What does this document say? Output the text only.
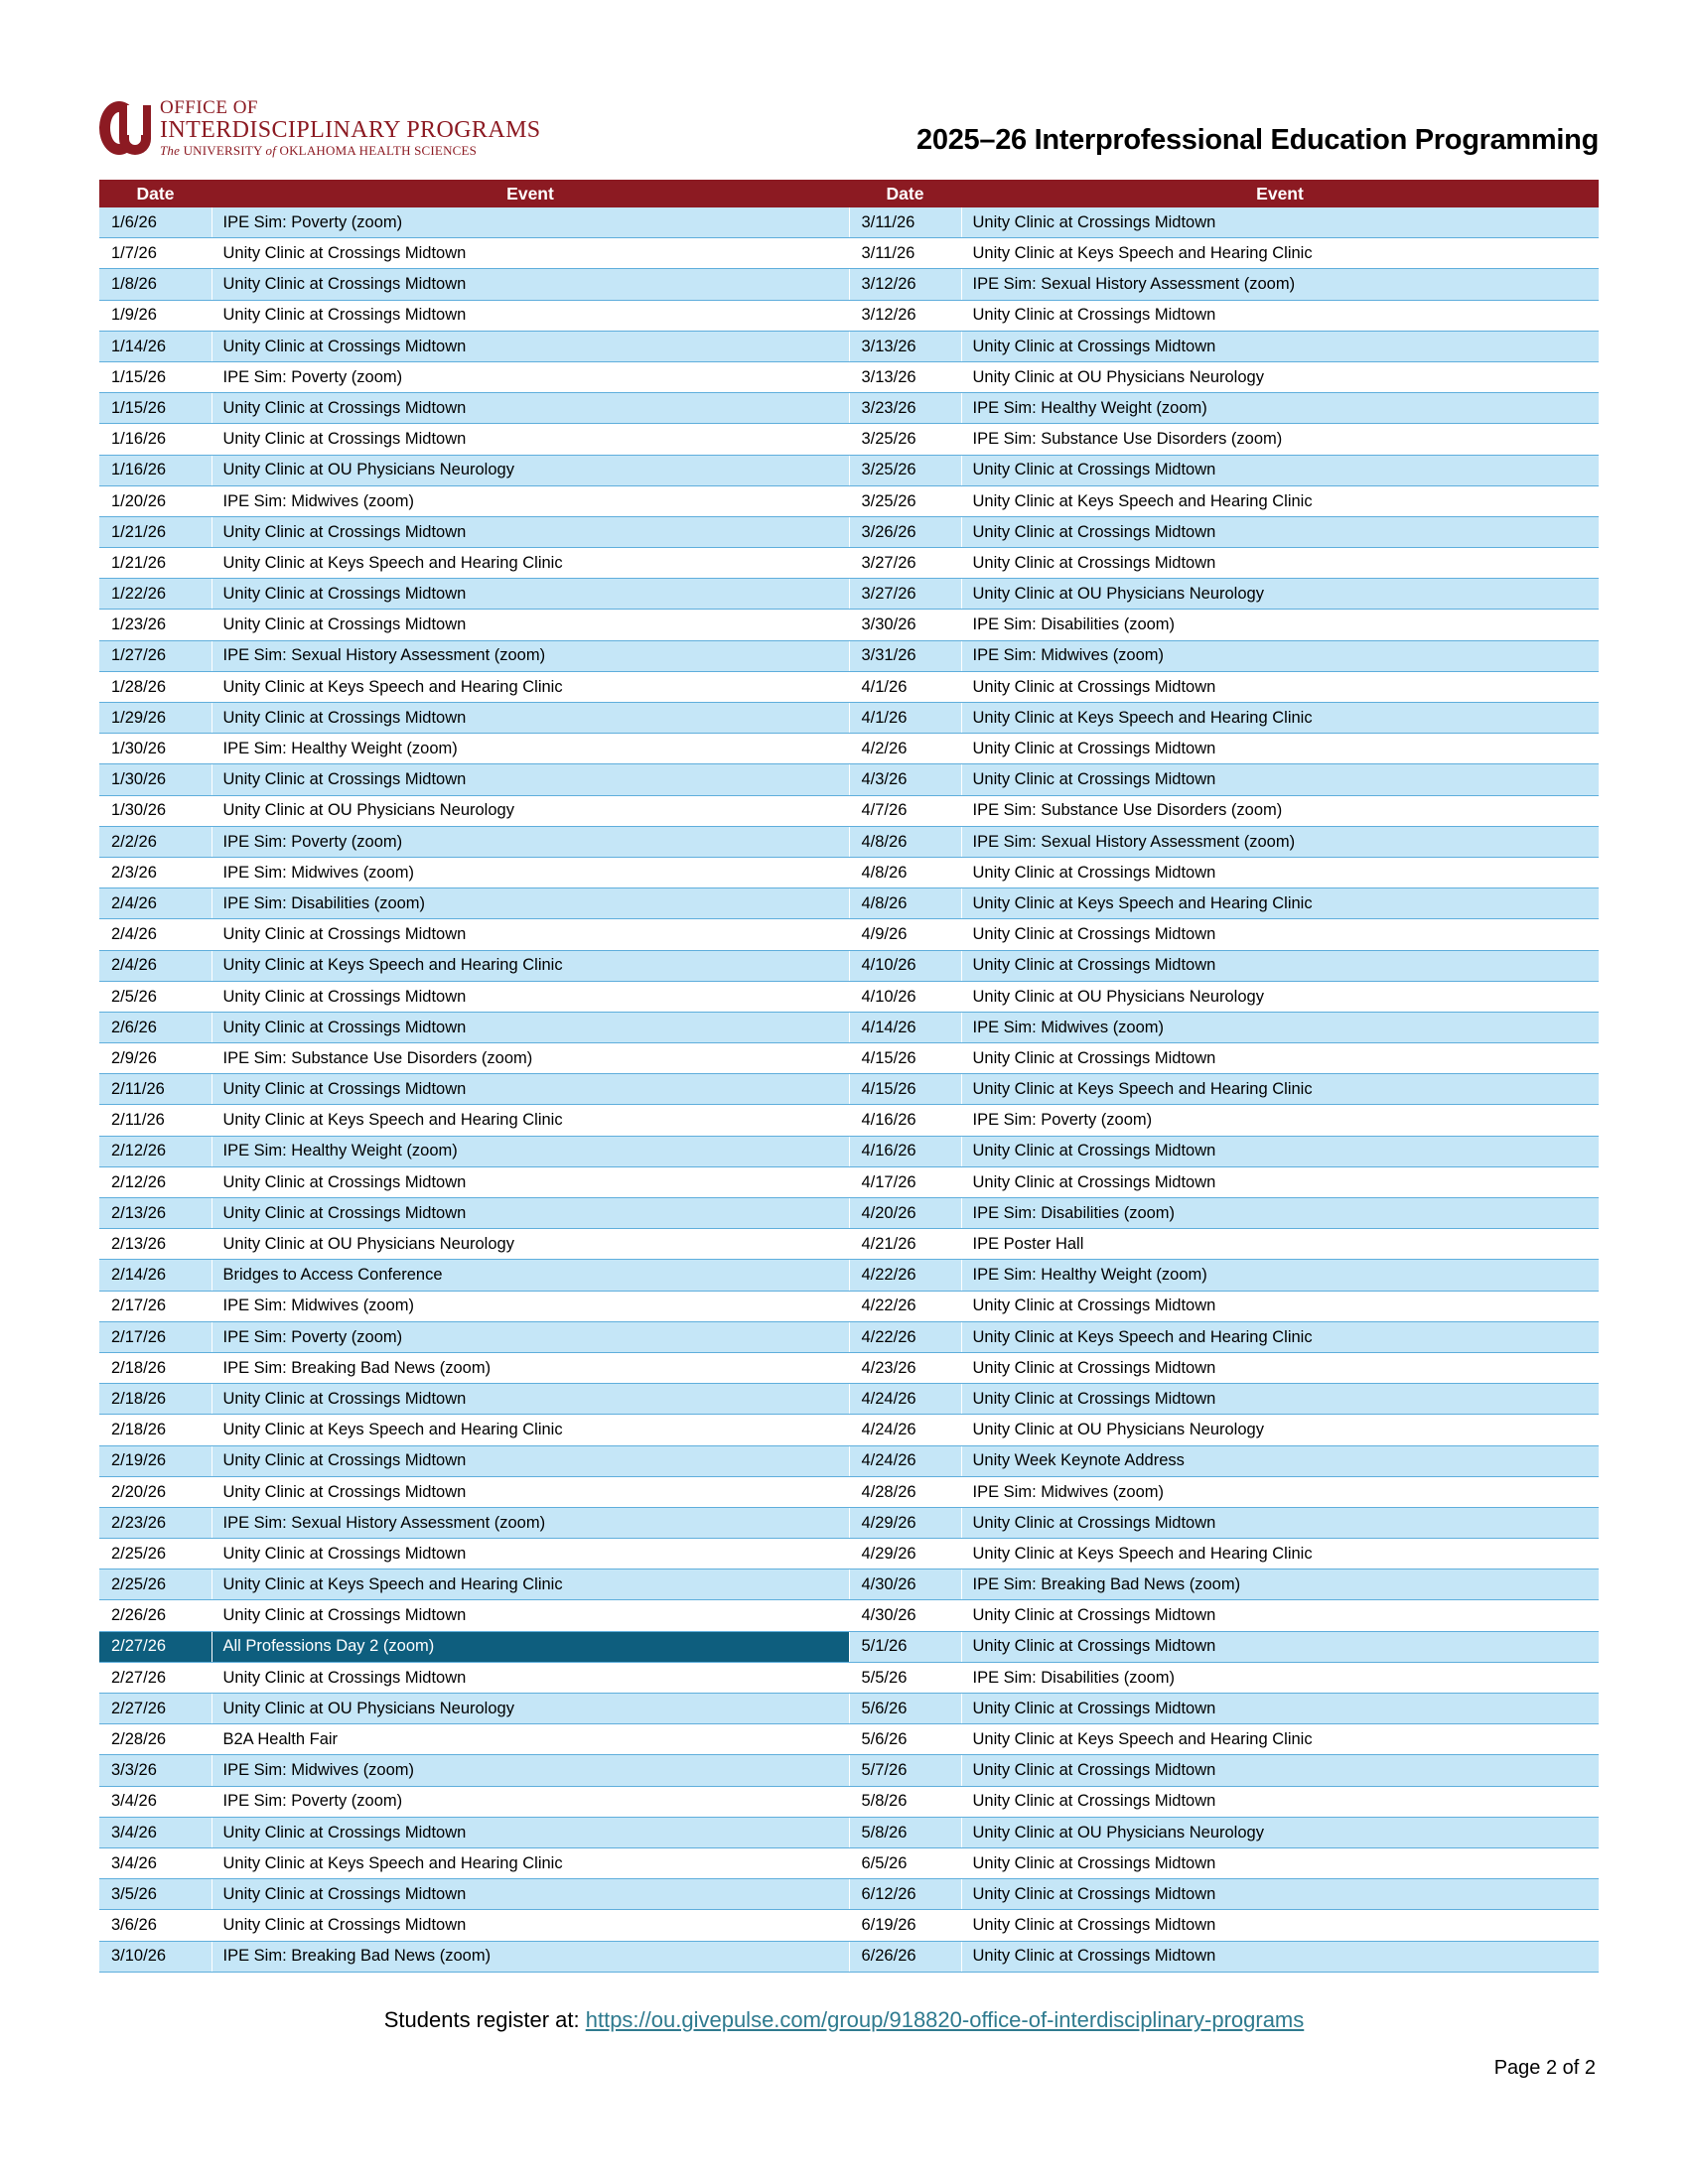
OFFICE OF
INTERDISCIPLINARY PROGRAMS
The UNIVERSITY of OKLAHOMA HEALTH SCIENCES	2025–26 Interprofessional Education Programming
Date	Event	Date	Event
1/6/26	IPE Sim: Poverty (zoom)	3/11/26	Unity Clinic at Crossings Midtown
1/7/26	Unity Clinic at Crossings Midtown	3/11/26	Unity Clinic at Keys Speech and Hearing Clinic
1/8/26	Unity Clinic at Crossings Midtown	3/12/26	IPE Sim: Sexual History Assessment (zoom)
1/9/26	Unity Clinic at Crossings Midtown	3/12/26	Unity Clinic at Crossings Midtown
1/14/26	Unity Clinic at Crossings Midtown	3/13/26	Unity Clinic at Crossings Midtown
1/15/26	IPE Sim: Poverty (zoom)	3/13/26	Unity Clinic at OU Physicians Neurology
1/15/26	Unity Clinic at Crossings Midtown	3/23/26	IPE Sim: Healthy Weight (zoom)
1/16/26	Unity Clinic at Crossings Midtown	3/25/26	IPE Sim: Substance Use Disorders (zoom)
1/16/26	Unity Clinic at OU Physicians Neurology	3/25/26	Unity Clinic at Crossings Midtown
1/20/26	IPE Sim: Midwives (zoom)	3/25/26	Unity Clinic at Keys Speech and Hearing Clinic
1/21/26	Unity Clinic at Crossings Midtown	3/26/26	Unity Clinic at Crossings Midtown
1/21/26	Unity Clinic at Keys Speech and Hearing Clinic	3/27/26	Unity Clinic at Crossings Midtown
1/22/26	Unity Clinic at Crossings Midtown	3/27/26	Unity Clinic at OU Physicians Neurology
1/23/26	Unity Clinic at Crossings Midtown	3/30/26	IPE Sim: Disabilities (zoom)
1/27/26	IPE Sim: Sexual History Assessment (zoom)	3/31/26	IPE Sim: Midwives (zoom)
1/28/26	Unity Clinic at Keys Speech and Hearing Clinic	4/1/26	Unity Clinic at Crossings Midtown
1/29/26	Unity Clinic at Crossings Midtown	4/1/26	Unity Clinic at Keys Speech and Hearing Clinic
1/30/26	IPE Sim: Healthy Weight (zoom)	4/2/26	Unity Clinic at Crossings Midtown
1/30/26	Unity Clinic at Crossings Midtown	4/3/26	Unity Clinic at Crossings Midtown
1/30/26	Unity Clinic at OU Physicians Neurology	4/7/26	IPE Sim: Substance Use Disorders (zoom)
2/2/26	IPE Sim: Poverty (zoom)	4/8/26	IPE Sim: Sexual History Assessment (zoom)
2/3/26	IPE Sim: Midwives (zoom)	4/8/26	Unity Clinic at Crossings Midtown
2/4/26	IPE Sim: Disabilities (zoom)	4/8/26	Unity Clinic at Keys Speech and Hearing Clinic
2/4/26	Unity Clinic at Crossings Midtown	4/9/26	Unity Clinic at Crossings Midtown
2/4/26	Unity Clinic at Keys Speech and Hearing Clinic	4/10/26	Unity Clinic at Crossings Midtown
2/5/26	Unity Clinic at Crossings Midtown	4/10/26	Unity Clinic at OU Physicians Neurology
2/6/26	Unity Clinic at Crossings Midtown	4/14/26	IPE Sim: Midwives (zoom)
2/9/26	IPE Sim: Substance Use Disorders (zoom)	4/15/26	Unity Clinic at Crossings Midtown
2/11/26	Unity Clinic at Crossings Midtown	4/15/26	Unity Clinic at Keys Speech and Hearing Clinic
2/11/26	Unity Clinic at Keys Speech and Hearing Clinic	4/16/26	IPE Sim: Poverty (zoom)
2/12/26	IPE Sim: Healthy Weight (zoom)	4/16/26	Unity Clinic at Crossings Midtown
2/12/26	Unity Clinic at Crossings Midtown	4/17/26	Unity Clinic at Crossings Midtown
2/13/26	Unity Clinic at Crossings Midtown	4/20/26	IPE Sim: Disabilities (zoom)
2/13/26	Unity Clinic at OU Physicians Neurology	4/21/26	IPE Poster Hall
2/14/26	Bridges to Access Conference	4/22/26	IPE Sim: Healthy Weight (zoom)
2/17/26	IPE Sim: Midwives (zoom)	4/22/26	Unity Clinic at Crossings Midtown
2/17/26	IPE Sim: Poverty (zoom)	4/22/26	Unity Clinic at Keys Speech and Hearing Clinic
2/18/26	IPE Sim: Breaking Bad News (zoom)	4/23/26	Unity Clinic at Crossings Midtown
2/18/26	Unity Clinic at Crossings Midtown	4/24/26	Unity Clinic at Crossings Midtown
2/18/26	Unity Clinic at Keys Speech and Hearing Clinic	4/24/26	Unity Clinic at OU Physicians Neurology
2/19/26	Unity Clinic at Crossings Midtown	4/24/26	Unity Week Keynote Address
2/20/26	Unity Clinic at Crossings Midtown	4/28/26	IPE Sim: Midwives (zoom)
2/23/26	IPE Sim: Sexual History Assessment (zoom)	4/29/26	Unity Clinic at Crossings Midtown
2/25/26	Unity Clinic at Crossings Midtown	4/29/26	Unity Clinic at Keys Speech and Hearing Clinic
2/25/26	Unity Clinic at Keys Speech and Hearing Clinic	4/30/26	IPE Sim: Breaking Bad News (zoom)
2/26/26	Unity Clinic at Crossings Midtown	4/30/26	Unity Clinic at Crossings Midtown
2/27/26	All Professions Day 2 (zoom)	5/1/26	Unity Clinic at Crossings Midtown
2/27/26	Unity Clinic at Crossings Midtown	5/5/26	IPE Sim: Disabilities (zoom)
2/27/26	Unity Clinic at OU Physicians Neurology	5/6/26	Unity Clinic at Crossings Midtown
2/28/26	B2A Health Fair	5/6/26	Unity Clinic at Keys Speech and Hearing Clinic
3/3/26	IPE Sim: Midwives (zoom)	5/7/26	Unity Clinic at Crossings Midtown
3/4/26	IPE Sim: Poverty (zoom)	5/8/26	Unity Clinic at Crossings Midtown
3/4/26	Unity Clinic at Crossings Midtown	5/8/26	Unity Clinic at OU Physicians Neurology
3/4/26	Unity Clinic at Keys Speech and Hearing Clinic	6/5/26	Unity Clinic at Crossings Midtown
3/5/26	Unity Clinic at Crossings Midtown	6/12/26	Unity Clinic at Crossings Midtown
3/6/26	Unity Clinic at Crossings Midtown	6/19/26	Unity Clinic at Crossings Midtown
3/10/26	IPE Sim: Breaking Bad News (zoom)	6/26/26	Unity Clinic at Crossings Midtown
Students register at: https://ou.givepulse.com/group/918820-office-of-interdisciplinary-programs
Page 2 of 2
